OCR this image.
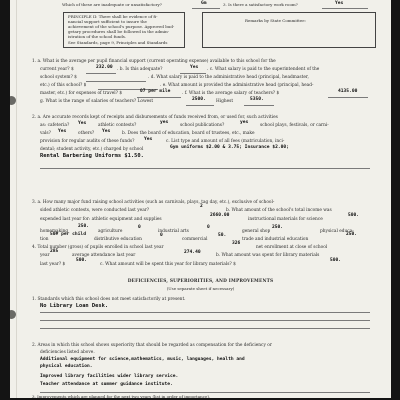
Which of these are inadequate or unsatisfactory?	Gm	3. Is there a satisfactory work room?	Yes
PRINCIPLE II: There shall be evidence of fi-
nancial support sufficient to insure the
achievement of the school's purpose. Approved bud-
getary procedures shall be followed in the admin-
istration of the school funds.
See Standards, page 9, Principles and Standards
Remarks by State Committee:
1. a. What is the average per pupil financial support (current operating expense) available to this school for the
current year? $	232.00 . b. Is this adequate?	Yes . c. What salary is paid to the superintendent of the
school system? $	. d. What salary is paid to the administrative head (principal, headmaster,
etc.) of this school? $	. e. What amount is provided the administrative head (principal, head-
master, etc.) for expenses of travel? $	07 per mile	. f. What is the average salary of teachers? $	4135.00
g. What is the range of salaries of teachers? Lowest	2500. Highest	5350.
2. a. Are accurate records kept of receipts and disbursements of funds received from, or used for, such activities
as: cafeteria? Yes	athletic contests?
yes
school publications?
yes
school plays, festivals, or carni-
vals? Yes	others? Yes	b. Does the board of education, board of trustees, etc., make
provision for regular audits of these funds? Yes	c. List type and amount of all fees (matriculation, inci-
dental; student activity, etc.) charged by school	Gym uniforms $2.00 & 3.75; Insurance $2.00;
Rental Barbering Uniforms $1.50.
3. a. How many major fund raising school activities (such as carnivals, plays, tag day, etc.), exclusive of school-
sided athletic contests, were conducted last year?
2
b. What amount of the school's total income was
expended last year for: athletic equipment and supplies
2660.00
instructional materials for science
500.
homemaking
250.
agriculture
0
industrial arts
0
general shop
250.
physical educa-
tion
50# per child
distributive education
0
commercial
50.
trade and industrial education
250.
4. Total number (gross) of pupils enrolled in school last year
326
net enrollment at close of school
year
285
average attendance last year
274.40
b. What amount was spent for library materials
last year? $
500.
c. What amount will be spent this year for library materials? $
500.
DEFICIENCIES, SUPERIORITIES, AND IMPROVEMENTS
(Use separate sheet if necessary)
1. Standards which this school does not meet satisfactorily at present.
No Library Loan Desk.
2. Areas in which this school shows superiority that should be regarded as compensation for the deficiency or
deficiencies listed above.
Additional equipment for science,mathematics, music, languages, health and
physical education.
Improved library facilities wider library service.
Teacher attendance at summer guidance institute.
3. Improvements which are planned for the next two years (list in order of importance).
